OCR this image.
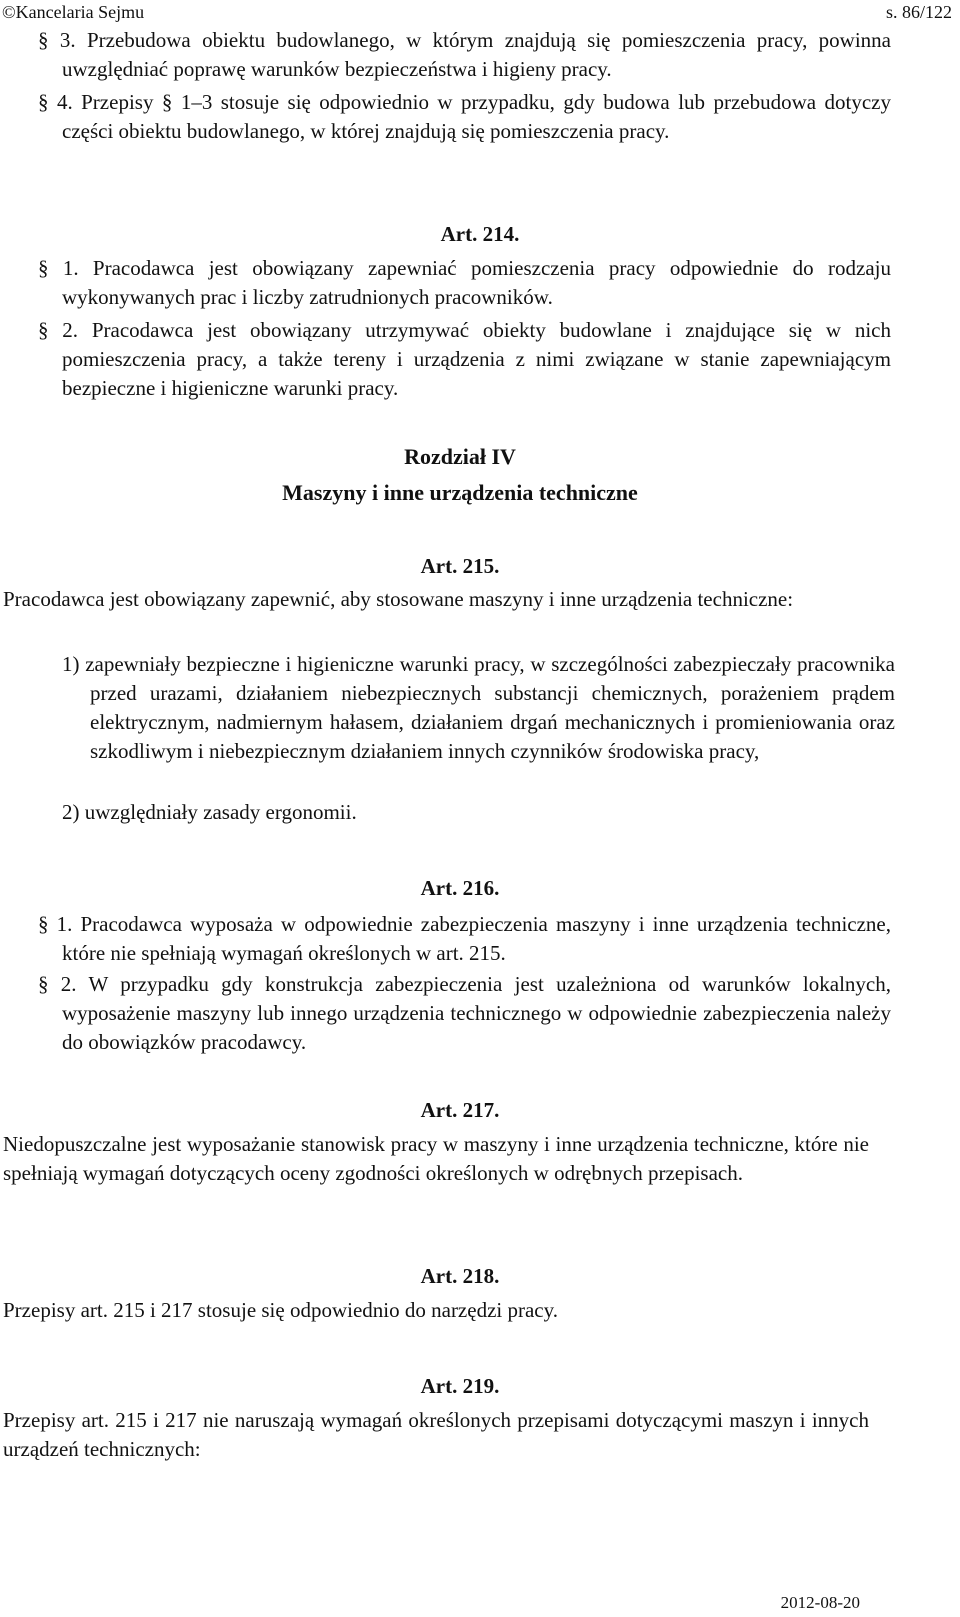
©Kancelaria Sejmu	s. 86/122
§ 3. Przebudowa obiektu budowlanego, w którym znajdują się pomieszczenia pracy, powinna uwzględniać poprawę warunków bezpieczeństwa i higieny pracy.
§ 4. Przepisy § 1–3 stosuje się odpowiednio w przypadku, gdy budowa lub przebudowa dotyczy części obiektu budowlanego, w której znajdują się pomieszczenia pracy.
Art. 214.
§ 1. Pracodawca jest obowiązany zapewniać pomieszczenia pracy odpowiednie do rodzaju wykonywanych prac i liczby zatrudnionych pracowników.
§ 2. Pracodawca jest obowiązany utrzymywać obiekty budowlane i znajdujące się w nich pomieszczenia pracy, a także tereny i urządzenia z nimi związane w stanie zapewniającym bezpieczne i higieniczne warunki pracy.
Rozdział IV
Maszyny i inne urządzenia techniczne
Art. 215.
Pracodawca jest obowiązany zapewnić, aby stosowane maszyny i inne urządzenia techniczne:
1) zapewniały bezpieczne i higieniczne warunki pracy, w szczególności zabezpieczały pracownika przed urazami, działaniem niebezpiecznych substancji chemicznych, porażeniem prądem elektrycznym, nadmiernym hałasem, działaniem drgań mechanicznych i promieniowania oraz szkodliwym i niebezpiecznym działaniem innych czynników środowiska pracy,
2) uwzględniały zasady ergonomii.
Art. 216.
§ 1. Pracodawca wyposaża w odpowiednie zabezpieczenia maszyny i inne urządzenia techniczne, które nie spełniają wymagań określonych w art. 215.
§ 2. W przypadku gdy konstrukcja zabezpieczenia jest uzależniona od warunków lokalnych, wyposażenie maszyny lub innego urządzenia technicznego w odpowiednie zabezpieczenia należy do obowiązków pracodawcy.
Art. 217.
Niedopuszczalne jest wyposażanie stanowisk pracy w maszyny i inne urządzenia techniczne, które nie spełniają wymagań dotyczących oceny zgodności określonych w odrębnych przepisach.
Art. 218.
Przepisy art. 215 i 217 stosuje się odpowiednio do narzędzi pracy.
Art. 219.
Przepisy art. 215 i 217 nie naruszają wymagań określonych przepisami dotyczącymi maszyn i innych urządzeń technicznych:
2012-08-20
